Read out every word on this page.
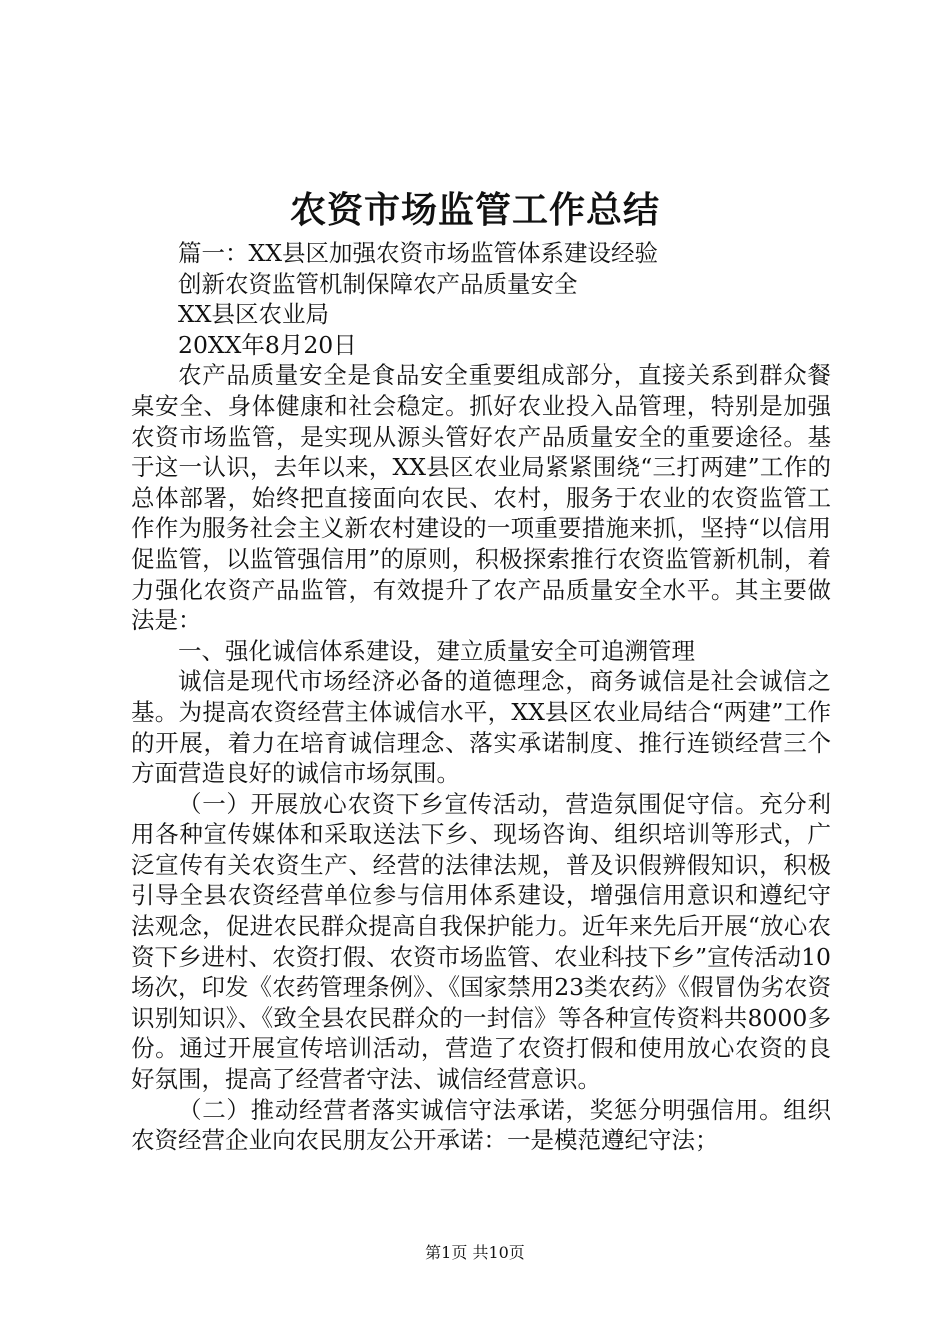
农资市场监管工作总结

篇一：XX县区加强农资市场监管体系建设经验

创新农资监管机制保障农产品质量安全

XX县区农业局

20XX年8月20日

农产品质量安全是食品安全重要组成部分，直接关系到群众餐桌安全、身体健康和社会稳定。抓好农业投入品管理，特别是加强农资市场监管，是实现从源头管好农产品质量安全的重要途径。基于这一认识，去年以来，XX县区农业局紧紧围绕“三打两建”工作的总体部署，始终把直接面向农民、农村，服务于农业的农资监管工作作为服务社会主义新农村建设的一项重要措施来抓，坚持“以信用促监管，以监管强信用”的原则，积极探索推行农资监管新机制，着力强化农资产品监管，有效提升了农产品质量安全水平。其主要做法是：

一、强化诚信体系建设，建立质量安全可追溯管理

诚信是现代市场经济必备的道德理念，商务诚信是社会诚信之基。为提高农资经营主体诚信水平，XX县区农业局结合“两建”工作的开展，着力在培育诚信理念、落实承诺制度、推行连锁经营三个方面营造良好的诚信市场氛围。

（一）开展放心农资下乡宣传活动，营造氛围促守信。充分利用各种宣传媒体和采取送法下乡、现场咨询、组织培训等形式，广泛宣传有关农资生产、经营的法律法规，普及识假辨假知识，积极引导全县农资经营单位参与信用体系建设，增强信用意识和遵纪守法观念，促进农民群众提高自我保护能力。近年来先后开展“放心农资下乡进村、农资打假、农资市场监管、农业科技下乡”宣传活动10场次，印发《农药管理条例》、《国家禁用23类农药》《假冒伪劣农资识别知识》、《致全县农民群众的一封信》等各种宣传资料共8000多份。通过开展宣传培训活动，营造了农资打假和使用放心农资的良好氛围，提高了经营者守法、诚信经营意识。

（二）推动经营者落实诚信守法承诺，奖惩分明强信用。组织农资经营企业向农民朋友公开承诺：一是模范遵纪守法；

第1页 共10页
